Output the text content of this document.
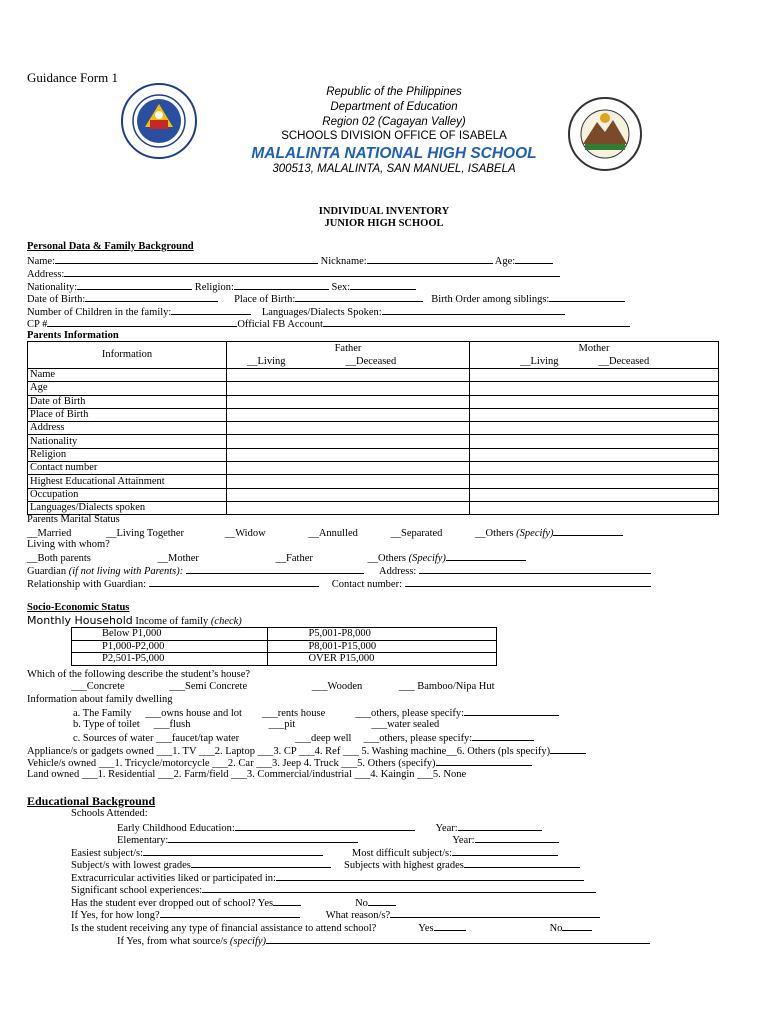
Guidance Form 1
Republic of the Philippines
Department of Education
Region 02 (Cagayan Valley)
SCHOOLS DIVISION OFFICE OF ISABELA
MALALINTA NATIONAL HIGH SCHOOL
300513, MALALINTA, SAN MANUEL, ISABELA
INDIVIDUAL INVENTORY
JUNIOR HIGH SCHOOL
Personal Data & Family Background
Name:	Nickname:	Age:
Address:
Nationality:	Religion:	Sex:
Date of Birth:	Place of Birth:	Birth Order among siblings:
Number of Children in the family:	Languages/Dialects Spoken:
CP #	Official FB Account
Parents Information
Information	Father	Mother
	__Living __Deceased	__Living __Deceased
Name		
Age		
Date of Birth		
Place of Birth		
Address		
Nationality		
Religion		
Contact number		
Highest Educational Attainment		
Occupation		
Languages/Dialects spoken		
Parents Marital Status
__Married	__Living Together	__Widow	__Annulled	__Separated	__Others (Specify)
Living with whom?
__Both parents	__Mother	__Father	__Others (Specify)
Guardian (if not living with Parents):	Address:
Relationship with Guardian:	Contact number:
Socio-Economic Status
Monthly Household Income of family (check)
Below P1,000	P5,001-P8,000
P1,000-P2,000	P8,001-P15,000
P2,501-P5,000	OVER P15,000
Which of the following describe the student’s house?
___Concrete	___Semi Concrete	___Wooden	___ Bamboo/Nipa Hut
Information about family dwelling
a. The Family ___owns house and lot ___rents house	___others, please specify:
b. Type of toilet ___flush	___pit	___water sealed
c. Sources of water ___faucet/tap water	___deep well ___others, please specify:
Appliance/s or gadgets owned ___1. TV ___2. Laptop ___3. CP ___4. Ref ___ 5. Washing machine__6. Others (pls specify)
Vehicle/s owned ___1. Tricycle/motorcycle ___2. Car ___3. Jeep 4. Truck ___5. Others (specify)
Land owned ___1. Residential ___2. Farm/field ___3. Commercial/industrial ___4. Kaingin ___5. None
Educational Background
Schools Attended:
Early Childhood Education:	Year:
Elementary:	Year:
Easiest subject/s:	Most difficult subject/s:
Subject/s with lowest grades	Subjects with highest grades
Extracurricular activities liked or participated in:
Significant school experiences:
Has the student ever dropped out of school? Yes	No
If Yes, for how long?	What reason/s?
Is the student receiving any type of financial assistance to attend school?	Yes	No
If Yes, from what source/s (specify)
